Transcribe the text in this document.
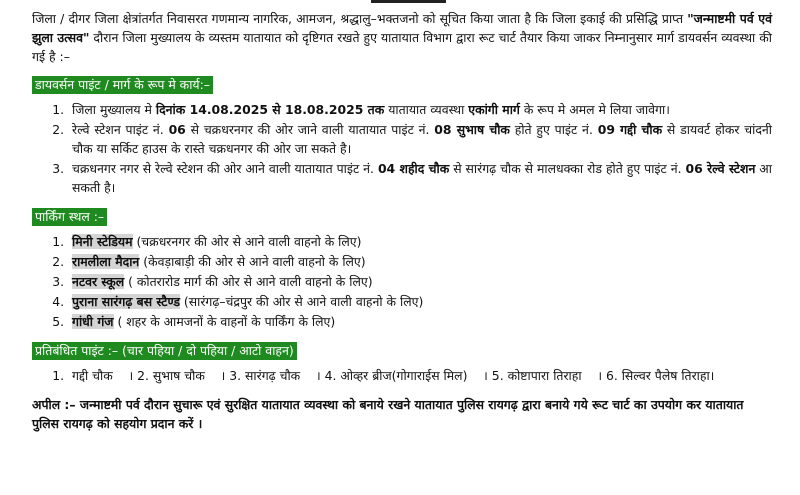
जिला / दीगर जिला क्षेत्रांतर्गत निवासरत गणमान्य नागरिक, आमजन, श्रद्धालु–भक्तजनो को सूचित किया जाता है कि जिला इकाई की प्रसिद्धि प्राप्त "जन्माष्टमी पर्व एवं झुला उत्सव" दौरान जिला मुख्यालय के व्यस्तम यातायात को दृष्टिगत रखते हुए यातायात विभाग द्वारा रूट चार्ट तैयार किया जाकर निम्नानुसार मार्ग डायवर्सन व्यवस्था की गई है :–

डायवर्सन पाइंट / मार्ग के रूप मे कार्य:–
1. जिला मुख्यालय मे दिनांक 14.08.2025 से 18.08.2025 तक यातायात व्यवस्था एकांगी मार्ग के रूप मे अमल मे लिया जावेगा।
2. रेल्वे स्टेशन पाइंट नं. 06 से चक्रधरनगर की ओर जाने वाली यातायात पाइंट नं. 08 सुभाष चौक होते हुए पाइंट नं. 09 गद्दी चौक से डायवर्ट होकर चांदनी चौक या सर्किट हाउस के रास्ते चक्रधनगर की ओर जा सकते है।
3. चक्रधनगर नगर से रेल्वे स्टेशन की ओर आने वाली यातायात पाइंट नं. 04 शहीद चौक से सारंगढ़ चौक से मालधक्का रोड होते हुए पाइंट नं. 06 रेल्वे स्टेशन आ सकती है।
पार्किंग स्थल :–
1. मिनी स्टेडियम (चक्रधरनगर की ओर से आने वाली वाहनो के लिए)
2. रामलीला मैदान (केवड़ाबाड़ी की ओर से आने वाली वाहनो के लिए)
3. नटवर स्कूल ( कोतरारोड मार्ग की ओर से आने वाली वाहनो के लिए)
4. पुराना सारंगढ़ बस स्टैण्ड (सारंगढ़–चंद्रपुर की ओर से आने वाली वाहनो के लिए)
5. गांधी गंज ( शहर के आमजनों के वाहनों के पार्किंग के लिए)
प्रतिबंधित पाइंट :– (चार पहिया / दो पहिया / आटो वाहन)
1. गद्दी चौक । 2. सुभाष चौक । 3. सारंगढ़ चौक । 4. ओव्हर ब्रीज(गोगाराईस मिल) । 5. कोष्टापारा तिराहा । 6. सिल्वर पैलेष तिराहा।

अपील :– जन्माष्टमी पर्व दौरान सुचारू एवं सुरक्षित यातायात व्यवस्था को बनाये रखने यातायात पुलिस रायगढ़ द्वारा बनाये गये रूट चार्ट का उपयोग कर यातायात पुलिस रायगढ़ को सहयोग प्रदान करें ।
